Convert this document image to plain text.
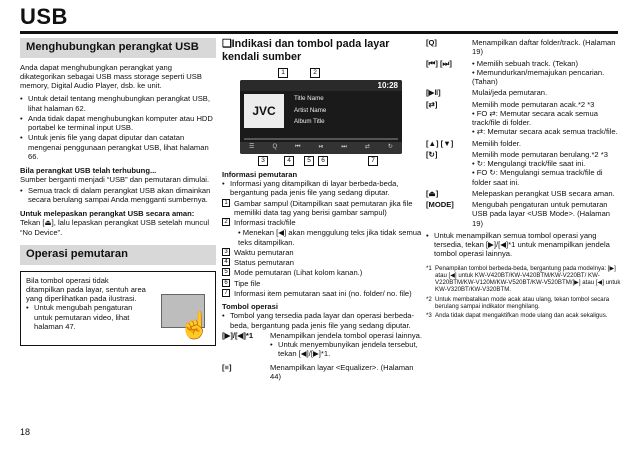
USB
Menghubungkan perangkat USB
Anda dapat menghubungkan perangkat yang dikategorikan sebagai USB mass storage seperti USB memory, Digital Audio Player, dsb. ke unit.
• Untuk detail tentang menghubungkan perangkat USB, lihat halaman 62.
• Anda tidak dapat menghubungkan komputer atau HDD portabel ke terminal input USB.
• Untuk jenis file yang dapat diputar dan catatan mengenai penggunaan perangkat USB, lihat halaman 66.
Bila perangkat USB telah terhubung...
Sumber berganti menjadi “USB” dan pemutaran dimulai.
• Semua track di dalam perangkat USB akan dimainkan secara berulang sampai Anda mengganti sumbernya.
Untuk melepaskan perangkat USB secara aman:
Tekan [⏏], lalu lepaskan perangkat USB setelah muncul “No Device”.
Operasi pemutaran
Bila tombol operasi tidak ditampilkan pada layar, sentuh area yang diperlihatkan pada ilustrasi.
• Untuk mengubah pengaturan untuk pemutaran video, lihat halaman 47.	☝
❑Indikasi dan tombol pada layar kendali sumber
1	2
10:28
JVC
Title Name
Artist Name
Album Title
☰	Q	⏮	⏯	⏭	⇄	↻
3	4	5	6	7
Informasi pemutaran
• Informasi yang ditampilkan di layar berbeda-beda, bergantung pada jenis file yang sedang diputar.
1 Gambar sampul (Ditampilkan saat pemutaran jika file memiliki data tag yang berisi gambar sampul)
2 Informasi track/file
• Menekan [◀] akan menggulung teks jika tidak semua teks ditampilkan.
3 Waktu pemutaran
4 Status pemutaran
5 Mode pemutaran (Lihat kolom kanan.)
6 Tipe file
7 Informasi item pemutaran saat ini (no. folder/ no. file)
Tombol operasi
• Tombol yang tersedia pada layar dan operasi berbeda-beda, bergantung pada jenis file yang sedang diputar.
[▶]/[◀]*1	Menampilkan jendela tombol operasi lainnya.
• Untuk menyembunyikan jendela tersebut, tekan [◀]/[▶]*1.
[≡]	Menampilkan layar <Equalizer>. (Halaman 44)
[Q]	Menampilkan daftar folder/track. (Halaman 19)
[⏮] [⏭]	• Memilih sebuah track. (Tekan)
• Memundurkan/memajukan pencarian. (Tahan)
[▶‖]	Mulai/jeda pemutaran.
[⇄]	Memilih mode pemutaran acak.*2 *3
• FO ⇄: Memutar secara acak semua track/file di folder.
• ⇄: Memutar secara acak semua track/file.
[▲] [▼]	Memilih folder.
[↻]	Memilih mode pemutaran berulang.*2 *3
• ↻: Mengulangi track/file saat ini.
• FO ↻: Mengulangi semua track/file di folder saat ini.
[⏏]	Melepaskan perangkat USB secara aman.
[MODE]	Mengubah pengaturan untuk pemutaran USB pada layar <USB Mode>. (Halaman 19)
• Untuk menampilkan semua tombol operasi yang tersedia, tekan [▶]/[◀]*1 untuk menampilkan jendela tombol operasi lainnya.
*1 Penampilan tombol berbeda-beda, bergantung pada modelnya: [▶] atau [◀] untuk KW-V420BT/KW-V420BTM/KW-V220BT/ KW-V220BTM/KW-V120M/KW-V520BT/KW-V520BTM/[▶] atau [◀] untuk KW-V320BT/KW-V320BTM.
*2 Untuk membatalkan mode acak atau ulang, tekan tombol secara berulang sampai indikator menghilang.
*3 Anda tidak dapat mengaktifkan mode ulang dan acak sekaligus.
18
